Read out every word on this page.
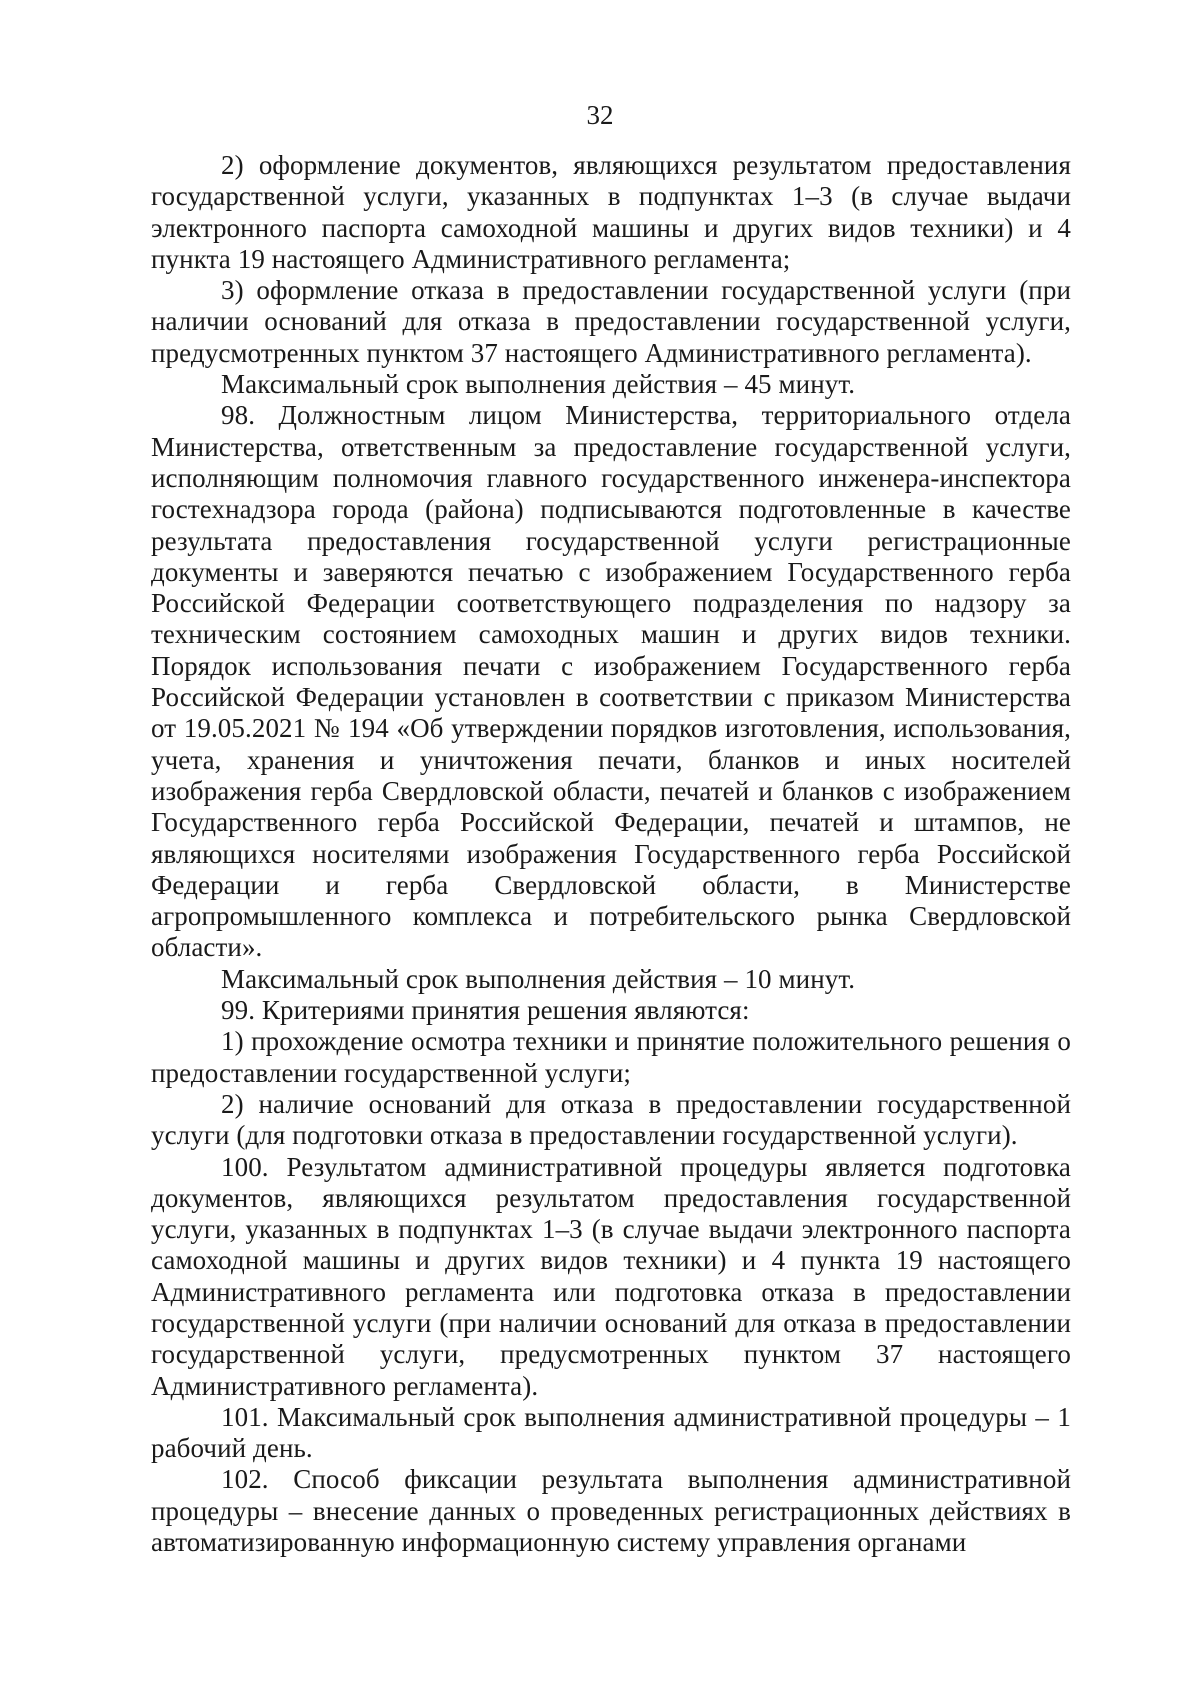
32

2) оформление документов, являющихся результатом предоставления государственной услуги, указанных в подпунктах 1–3 (в случае выдачи электронного паспорта самоходной машины и других видов техники) и 4 пункта 19 настоящего Административного регламента;

3) оформление отказа в предоставлении государственной услуги (при наличии оснований для отказа в предоставлении государственной услуги, предусмотренных пунктом 37 настоящего Административного регламента).

Максимальный срок выполнения действия – 45 минут.

98. Должностным лицом Министерства, территориального отдела Министерства, ответственным за предоставление государственной услуги, исполняющим полномочия главного государственного инженера-инспектора гостехнадзора города (района) подписываются подготовленные в качестве результата предоставления государственной услуги регистрационные документы и заверяются печатью с изображением Государственного герба Российской Федерации соответствующего подразделения по надзору за техническим состоянием самоходных машин и других видов техники. Порядок использования печати с изображением Государственного герба Российской Федерации установлен в соответствии с приказом Министерства от 19.05.2021 № 194 «Об утверждении порядков изготовления, использования, учета, хранения и уничтожения печати, бланков и иных носителей изображения герба Свердловской области, печатей и бланков с изображением Государственного герба Российской Федерации, печатей и штампов, не являющихся носителями изображения Государственного герба Российской Федерации и герба Свердловской области, в Министерстве агропромышленного комплекса и потребительского рынка Свердловской области».

Максимальный срок выполнения действия – 10 минут.

99. Критериями принятия решения являются:

1) прохождение осмотра техники и принятие положительного решения о предоставлении государственной услуги;

2) наличие оснований для отказа в предоставлении государственной услуги (для подготовки отказа в предоставлении государственной услуги).

100. Результатом административной процедуры является подготовка документов, являющихся результатом предоставления государственной услуги, указанных в подпунктах 1–3 (в случае выдачи электронного паспорта самоходной машины и других видов техники) и 4 пункта 19 настоящего Административного регламента или подготовка отказа в предоставлении государственной услуги (при наличии оснований для отказа в предоставлении государственной услуги, предусмотренных пунктом 37 настоящего Административного регламента).

101. Максимальный срок выполнения административной процедуры – 1 рабочий день.

102. Способ фиксации результата выполнения административной процедуры – внесение данных о проведенных регистрационных действиях в автоматизированную информационную систему управления органами
